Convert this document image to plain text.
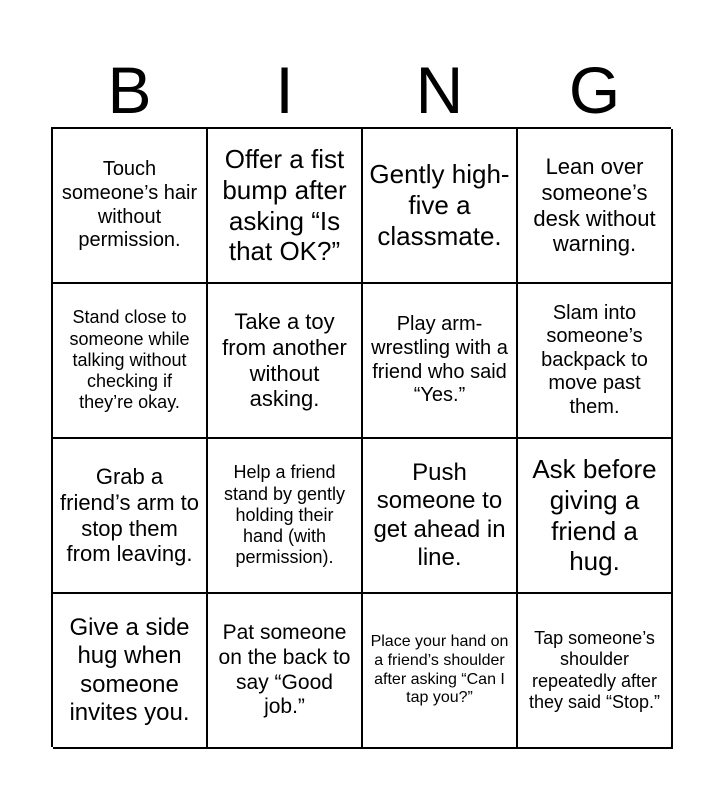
B	I	N	G
Touch someone’s hair without permission.
Offer a fist bump after asking “Is that OK?”
Gently high-five a classmate.
Lean over someone’s desk without warning.
Stand close to someone while talking without checking if they’re okay.
Take a toy from another without asking.
Play arm-wrestling with a friend who said “Yes.”
Slam into someone’s backpack to move past them.
Grab a friend’s arm to stop them from leaving.
Help a friend stand by gently holding their hand (with permission).
Push someone to get ahead in line.
Ask before giving a friend a hug.
Give a side hug when someone invites you.
Pat someone on the back to say “Good job.”
Place your hand on a friend’s shoulder after asking “Can I tap you?”
Tap someone’s shoulder repeatedly after they said “Stop.”
